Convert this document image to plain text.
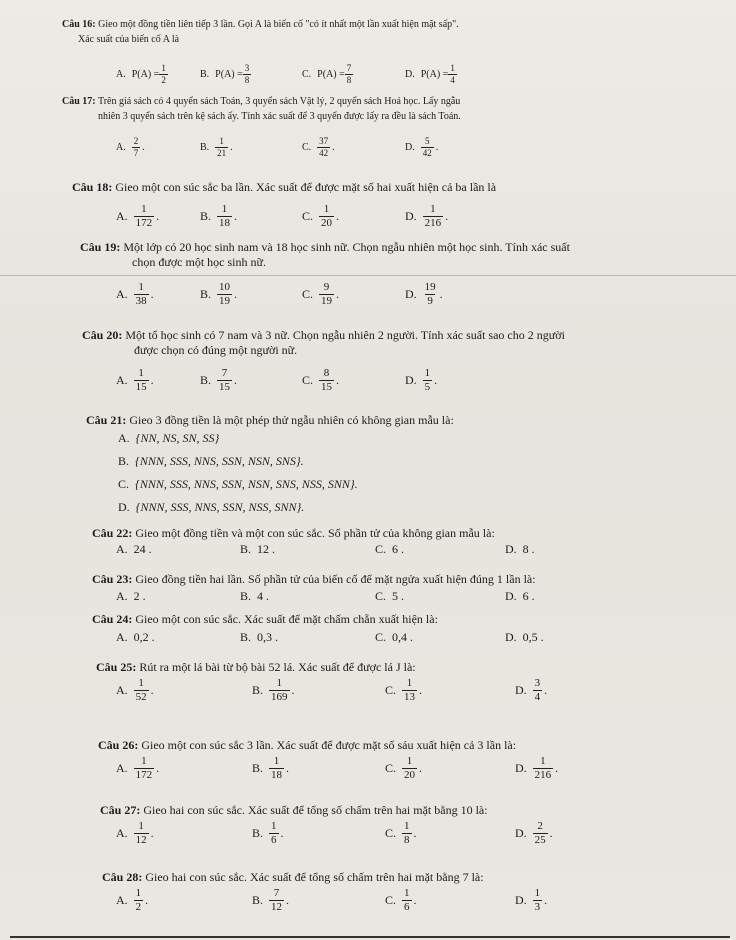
Câu 16: Gieo một đồng tiền liên tiếp 3 lần. Gọi A là biến cố "có ít nhất một lần xuất hiện mặt sấp".
Xác suất của biến cố A là
A. $P(A) = \frac{1}{2}$	B. $P(A) = \frac{3}{8}$	C. $P(A) = \frac{7}{8}$	D. $P(A) = \frac{1}{4}$
Câu 17: Trên giá sách có 4 quyển sách Toán, 3 quyển sách Vật lý, 2 quyển sách Hoá học. Lấy ngẫu
nhiên 3 quyển sách trên kệ sách ấy. Tính xác suất để 3 quyển được lấy ra đều là sách Toán.
A. $\frac{2}{7}$ .	B. $\frac{1}{21}$ .	C. $\frac{37}{42}$ .	D. $\frac{5}{42}$ .
Câu 18: Gieo một con súc sắc ba lần. Xác suất để được mặt số hai xuất hiện cả ba lần là
A. $\frac{1}{172}$ .	B. $\frac{1}{18}$ .	C. $\frac{1}{20}$ .	D. $\frac{1}{216}$ .
Câu 19: Một lớp có 20 học sinh nam và 18 học sinh nữ. Chọn ngẫu nhiên một học sinh. Tính xác suất
chọn được một học sinh nữ.
A. $\frac{1}{38}$ .	B. $\frac{10}{19}$ .	C. $\frac{9}{19}$ .	D. $\frac{19}{9}$ .
Câu 20: Một tổ học sinh có 7 nam và 3 nữ. Chọn ngẫu nhiên 2 người. Tính xác suất sao cho 2 người
được chọn có đúng một người nữ.
A. $\frac{1}{15}$ .	B. $\frac{7}{15}$ .	C. $\frac{8}{15}$ .	D. $\frac{1}{5}$ .
Câu 21: Gieo 3 đồng tiền là một phép thử ngẫu nhiên có không gian mẫu là:
A. {NN, NS, SN, SS}
B. {NNN, SSS, NNS, SSN, NSN, SNS}.
C. {NNN, SSS, NNS, SSN, NSN, SNS, NSS, SNN}.
D. {NNN, SSS, NNS, SSN, NSS, SNN}.
Câu 22: Gieo một đồng tiền và một con súc sắc. Số phần tử của không gian mẫu là:
A. 24 .	B. 12 .	C. 6 .	D. 8 .
Câu 23: Gieo đồng tiền hai lần. Số phần tử của biến cố để mặt ngửa xuất hiện đúng 1 lần là:
A. 2 .	B. 4 .	C. 5 .	D. 6 .
Câu 24: Gieo một con súc sắc. Xác suất để mặt chấm chẵn xuất hiện là:
A. 0,2 .	B. 0,3 .	C. 0,4 .	D. 0,5 .
Câu 25: Rút ra một lá bài từ bộ bài 52 lá. Xác suất để được lá J là:
A. $\frac{1}{52}$ .	B. $\frac{1}{169}$ .	C. $\frac{1}{13}$ .	D. $\frac{3}{4}$ .
Câu 26: Gieo một con súc sắc 3 lần. Xác suất để được mặt số sáu xuất hiện cả 3 lần là:
A. $\frac{1}{172}$ .	B. $\frac{1}{18}$ .	C. $\frac{1}{20}$ .	D. $\frac{1}{216}$ .
Câu 27: Gieo hai con súc sắc. Xác suất để tổng số chấm trên hai mặt bằng 10 là:
A. $\frac{1}{12}$ .	B. $\frac{1}{6}$ .	C. $\frac{1}{8}$ .	D. $\frac{2}{25}$ .
Câu 28: Gieo hai con súc sắc. Xác suất để tổng số chấm trên hai mặt bằng 7 là:
A. $\frac{1}{2}$ .	B. $\frac{7}{12}$ .	C. $\frac{1}{6}$ .	D. $\frac{1}{3}$ .
